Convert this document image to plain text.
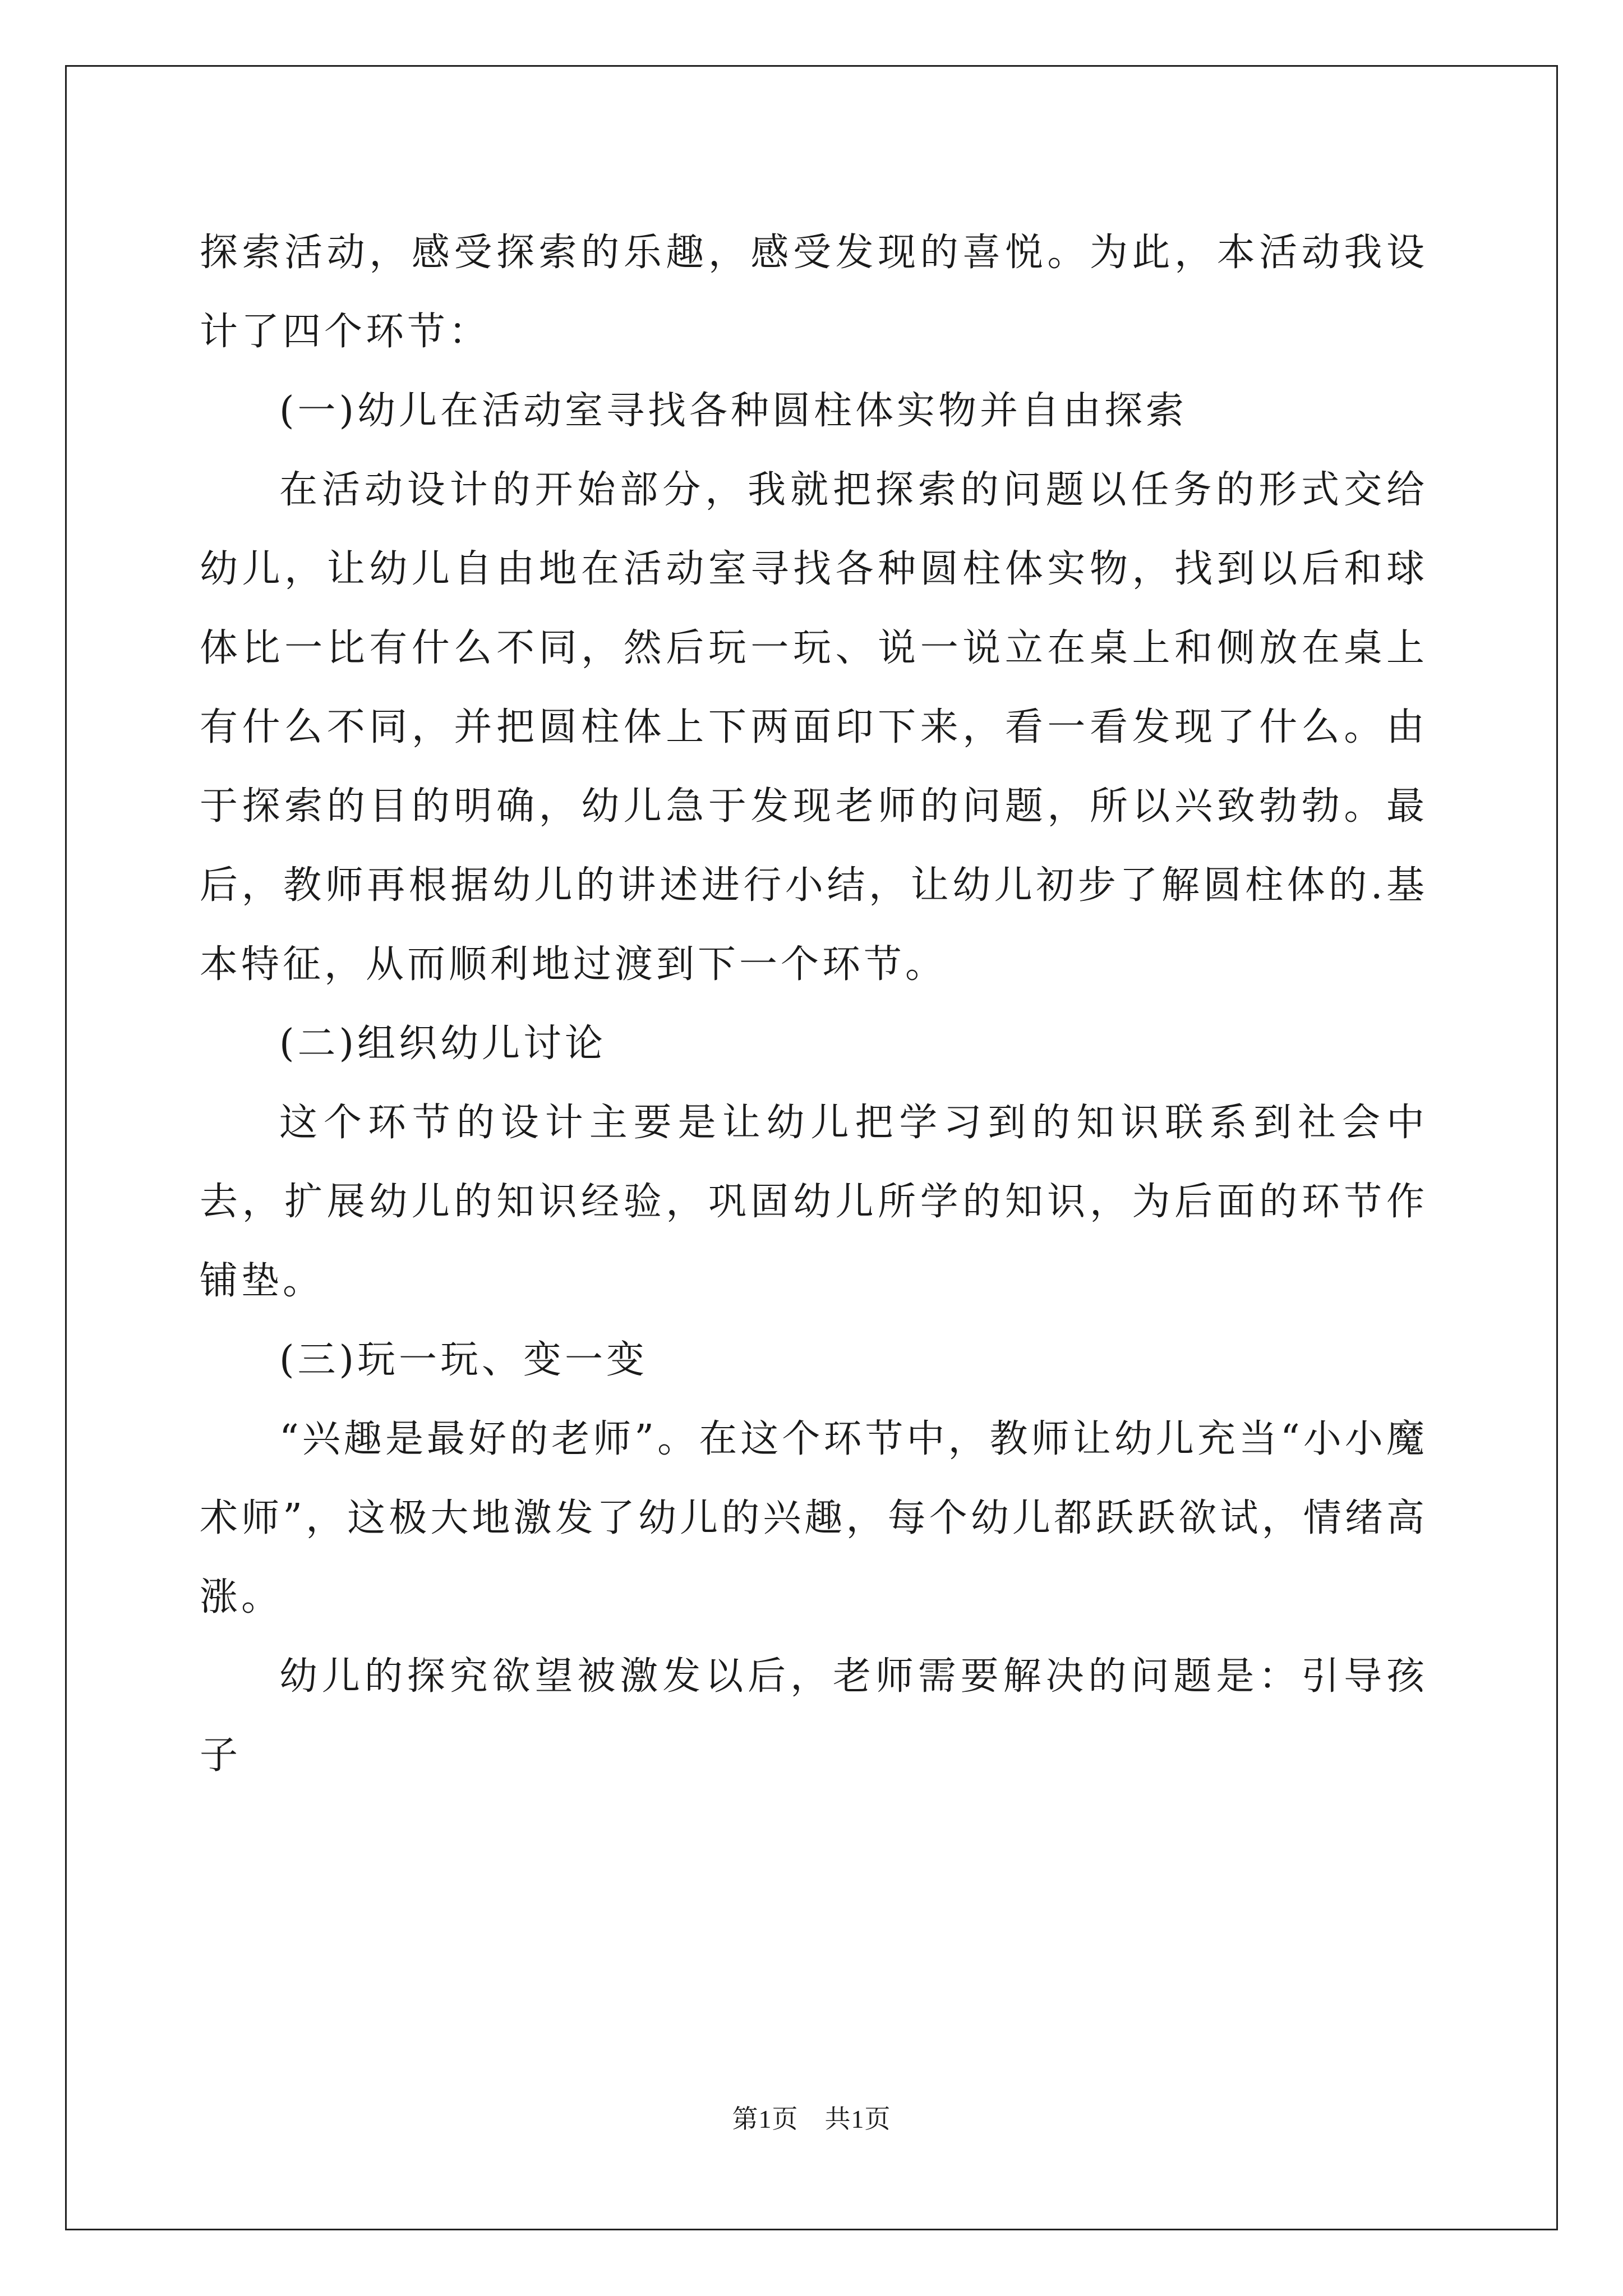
探索活动，感受探索的乐趣，感受发现的喜悦。为此，本活动我设计了四个环节：

(一)幼儿在活动室寻找各种圆柱体实物并自由探索

在活动设计的开始部分，我就把探索的问题以任务的形式交给幼儿，让幼儿自由地在活动室寻找各种圆柱体实物，找到以后和球体比一比有什么不同，然后玩一玩、说一说立在桌上和侧放在桌上有什么不同，并把圆柱体上下两面印下来，看一看发现了什么。由于探索的目的明确，幼儿急于发现老师的问题，所以兴致勃勃。最后，教师再根据幼儿的讲述进行小结，让幼儿初步了解圆柱体的.基本特征，从而顺利地过渡到下一个环节。

(二)组织幼儿讨论

这个环节的设计主要是让幼儿把学习到的知识联系到社会中去，扩展幼儿的知识经验，巩固幼儿所学的知识，为后面的环节作铺垫。

(三)玩一玩、变一变

“兴趣是最好的老师”。在这个环节中，教师让幼儿充当“小小魔术师”，这极大地激发了幼儿的兴趣，每个幼儿都跃跃欲试，情绪高涨。

幼儿的探究欲望被激发以后，老师需要解决的问题是：引导孩子

第1页　共1页
